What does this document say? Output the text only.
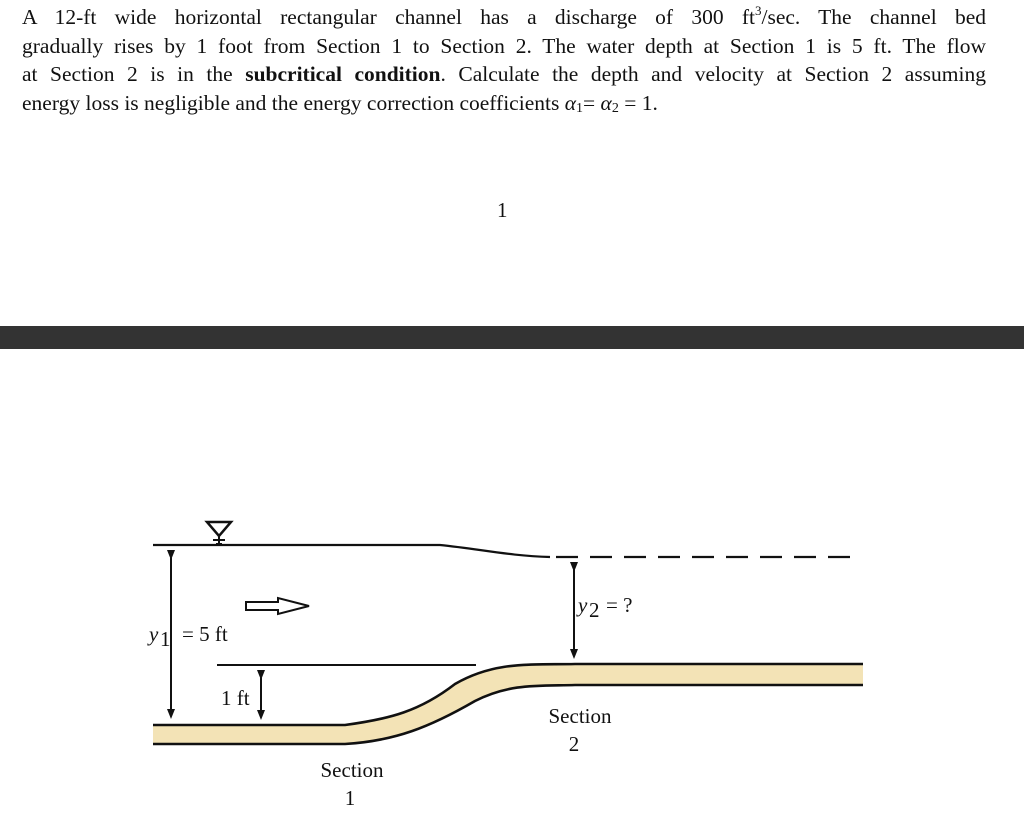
A 12-ft wide horizontal rectangular channel has a discharge of 300 $ft^3/\sec$. The channel bed
gradually rises by 1 foot from Section 1 to Section 2. The water depth at Section 1 is 5 ft. The flow
at Section 2 is in the subcritical condition. Calculate the depth and velocity at Section 2 assuming
energy loss is negligible and the energy correction coefficients $\alpha_1= \alpha_2 = 1$.

1
y 1 = 5 ft
1 ft
y 2 = ?
Section
2
Section
1
